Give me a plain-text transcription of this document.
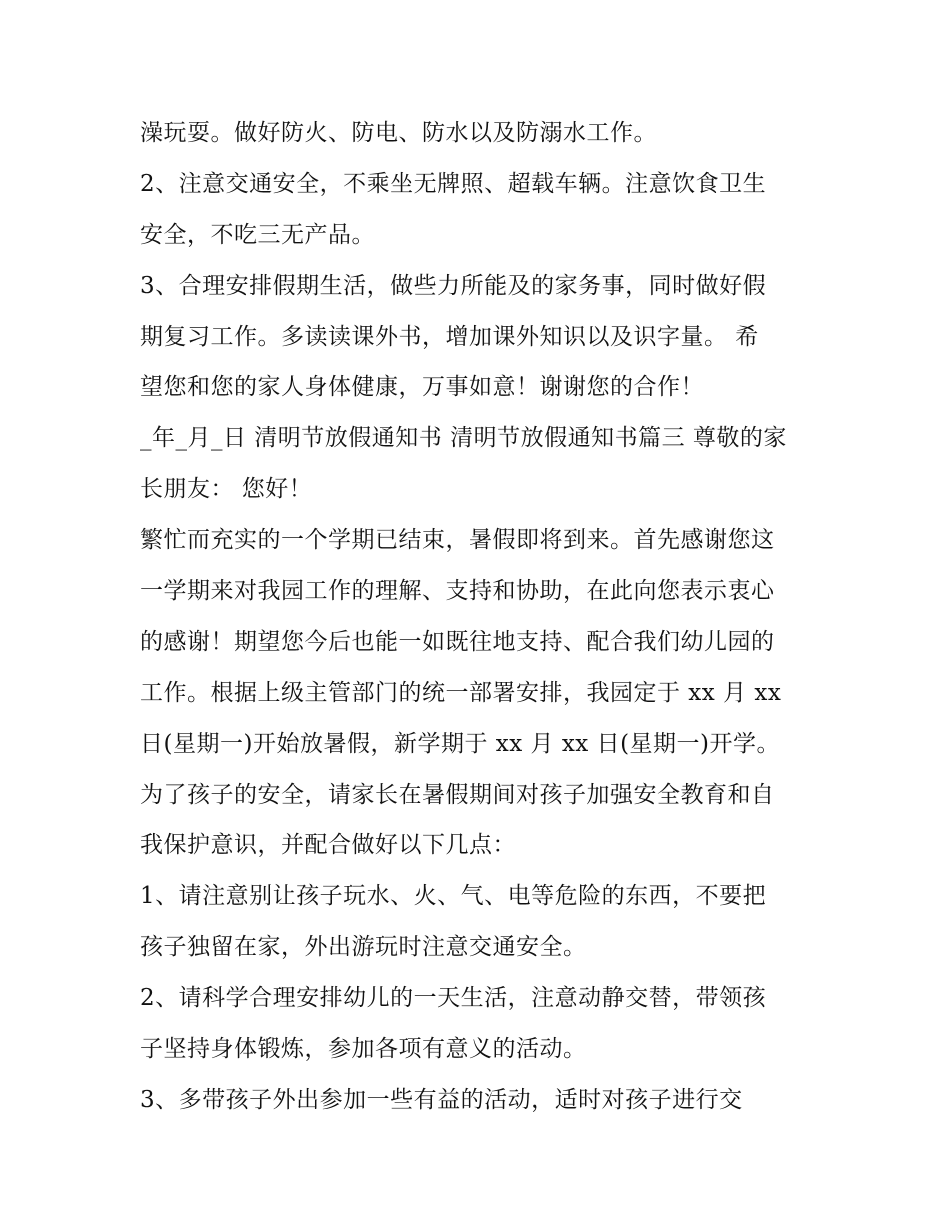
澡玩耍。做好防火、防电、防水以及防溺水工作。
2、注意交通安全，不乘坐无牌照、超载车辆。注意饮食卫生
安全，不吃三无产品。
3、合理安排假期生活，做些力所能及的家务事，同时做好假
期复习工作。多读读课外书，增加课外知识以及识字量。 希
望您和您的家人身体健康，万事如意！谢谢您的合作！
_年_月_日 清明节放假通知书 清明节放假通知书篇三 尊敬的家
长朋友： 您好！
繁忙而充实的一个学期已结束，暑假即将到来。首先感谢您这
一学期来对我园工作的理解、支持和协助，在此向您表示衷心
的感谢！期望您今后也能一如既往地支持、配合我们幼儿园的
工作。根据上级主管部门的统一部署安排，我园定于 xx 月 xx
日(星期一)开始放暑假，新学期于 xx 月 xx 日(星期一)开学。
为了孩子的安全，请家长在暑假期间对孩子加强安全教育和自
我保护意识，并配合做好以下几点：
1、请注意别让孩子玩水、火、气、电等危险的东西，不要把
孩子独留在家，外出游玩时注意交通安全。
2、请科学合理安排幼儿的一天生活，注意动静交替，带领孩
子坚持身体锻炼，参加各项有意义的活动。
3、多带孩子外出参加一些有益的活动，适时对孩子进行交
